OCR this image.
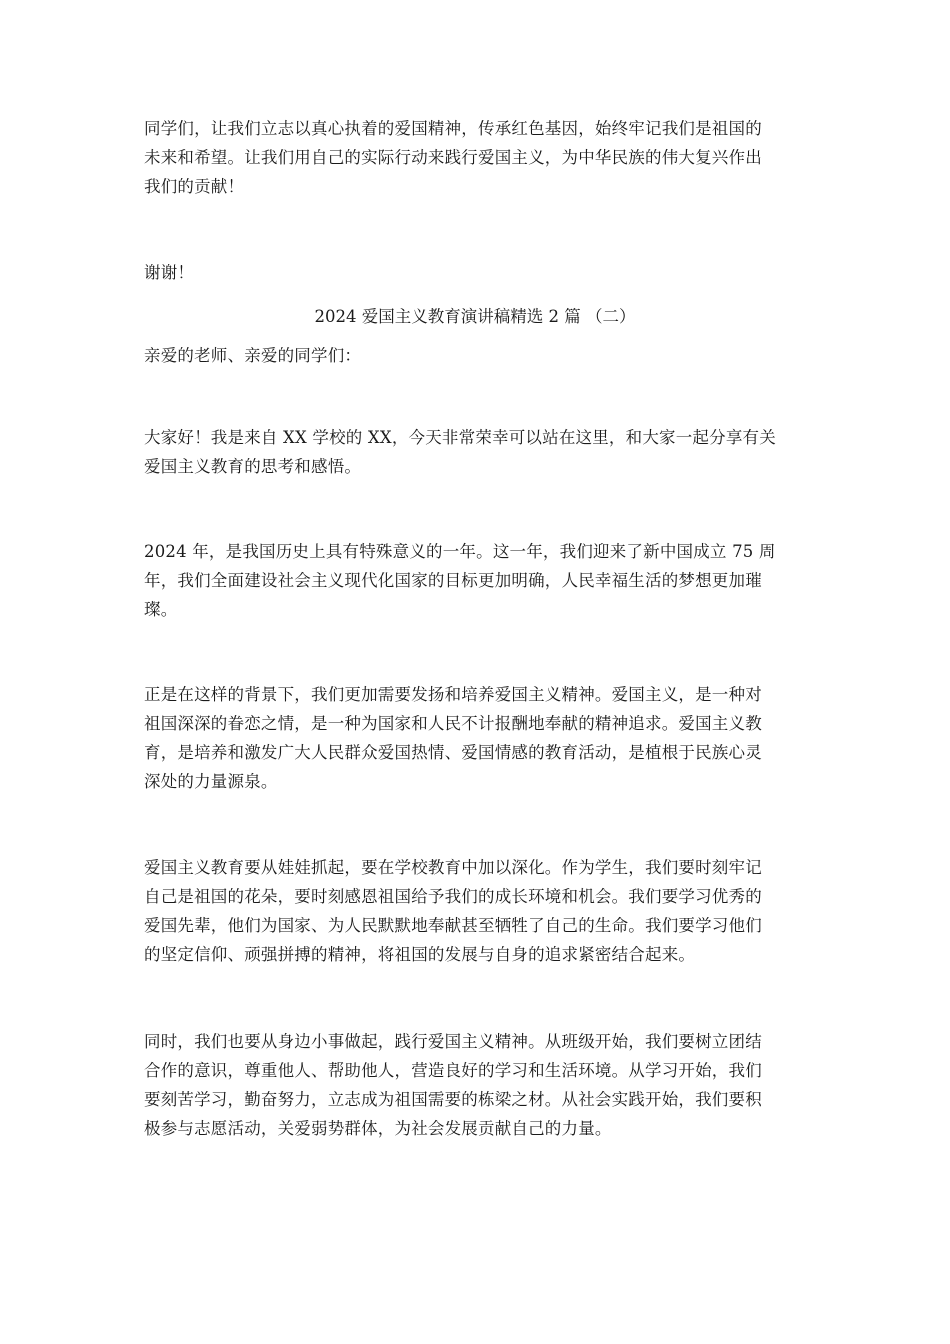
同学们，让我们立志以真心执着的爱国精神，传承红色基因，始终牢记我们是祖国的
未来和希望。让我们用自己的实际行动来践行爱国主义，为中华民族的伟大复兴作出
我们的贡献！

谢谢！

2024 爱国主义教育演讲稿精选 2 篇 （二）

亲爱的老师、亲爱的同学们：

大家好！我是来自 XX 学校的 XX，今天非常荣幸可以站在这里，和大家一起分享有关
爱国主义教育的思考和感悟。

2024 年，是我国历史上具有特殊意义的一年。这一年，我们迎来了新中国成立 75 周
年，我们全面建设社会主义现代化国家的目标更加明确，人民幸福生活的梦想更加璀
璨。

正是在这样的背景下，我们更加需要发扬和培养爱国主义精神。爱国主义，是一种对
祖国深深的眷恋之情，是一种为国家和人民不计报酬地奉献的精神追求。爱国主义教
育，是培养和激发广大人民群众爱国热情、爱国情感的教育活动，是植根于民族心灵
深处的力量源泉。

爱国主义教育要从娃娃抓起，要在学校教育中加以深化。作为学生，我们要时刻牢记
自己是祖国的花朵，要时刻感恩祖国给予我们的成长环境和机会。我们要学习优秀的
爱国先辈，他们为国家、为人民默默地奉献甚至牺牲了自己的生命。我们要学习他们
的坚定信仰、顽强拼搏的精神，将祖国的发展与自身的追求紧密结合起来。

同时，我们也要从身边小事做起，践行爱国主义精神。从班级开始，我们要树立团结
合作的意识，尊重他人、帮助他人，营造良好的学习和生活环境。从学习开始，我们
要刻苦学习，勤奋努力，立志成为祖国需要的栋梁之材。从社会实践开始，我们要积
极参与志愿活动，关爱弱势群体，为社会发展贡献自己的力量。
